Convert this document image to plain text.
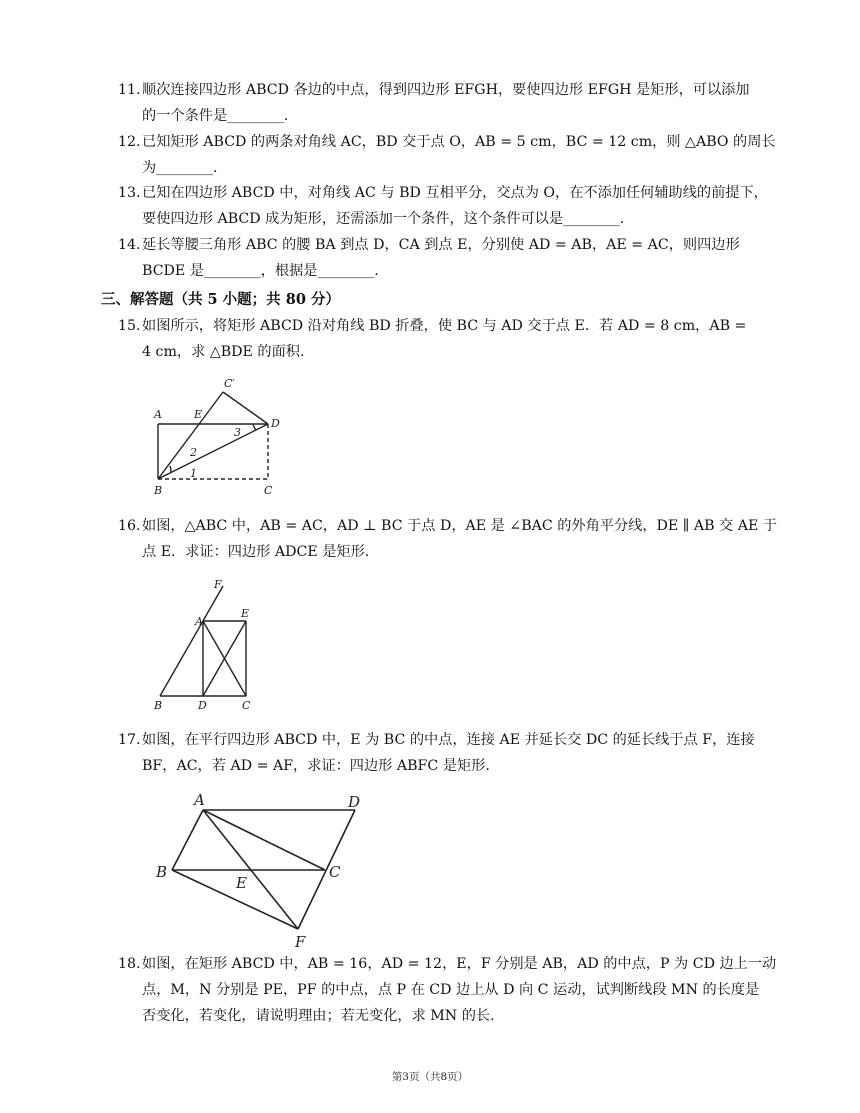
11. 顺次连接四边形 ABCD 各边的中点，得到四边形 EFGH，要使四边形 EFGH 是矩形，可以添加
的一个条件是________.
12. 已知矩形 ABCD 的两条对角线 AC，BD 交于点 O，AB = 5 cm，BC = 12 cm，则 △ABO 的周长
为________.
13. 已知在四边形 ABCD 中，对角线 AC 与 BD 互相平分，交点为 O，在不添加任何辅助线的前提下，
要使四边形 ABCD 成为矩形，还需添加一个条件，这个条件可以是________.
14. 延长等腰三角形 ABC 的腰 BA 到点 D，CA 到点 E，分别使 AD = AB，AE = AC，则四边形
BCDE 是________，根据是________.
三、解答题（共 5 小题；共 80 分）
15. 如图所示，将矩形 ABCD 沿对角线 BD 折叠，使 BC 与 AD 交于点 E．若 AD = 8 cm，AB =
4 cm，求 △BDE 的面积.
A	E
C′
D
B	C
1
2
3
16. 如图，△ABC 中，AB = AC，AD ⊥ BC 于点 D，AE 是 ∠BAC 的外角平分线，DE ∥ AB 交 AE 于
点 E．求证：四边形 ADCE 是矩形.
F
A
E
B	D	C
17. 如图，在平行四边形 ABCD 中，E 为 BC 的中点，连接 AE 并延长交 DC 的延长线于点 F，连接
BF，AC，若 AD = AF，求证：四边形 ABFC 是矩形.
A	D
B
E
C
F
18. 如图，在矩形 ABCD 中，AB = 16，AD = 12，E，F 分别是 AB，AD 的中点，P 为 CD 边上一动
点，M，N 分别是 PE，PF 的中点，点 P 在 CD 边上从 D 向 C 运动，试判断线段 MN 的长度是
否变化，若变化，请说明理由；若无变化，求 MN 的长.
第3页（共8页）
